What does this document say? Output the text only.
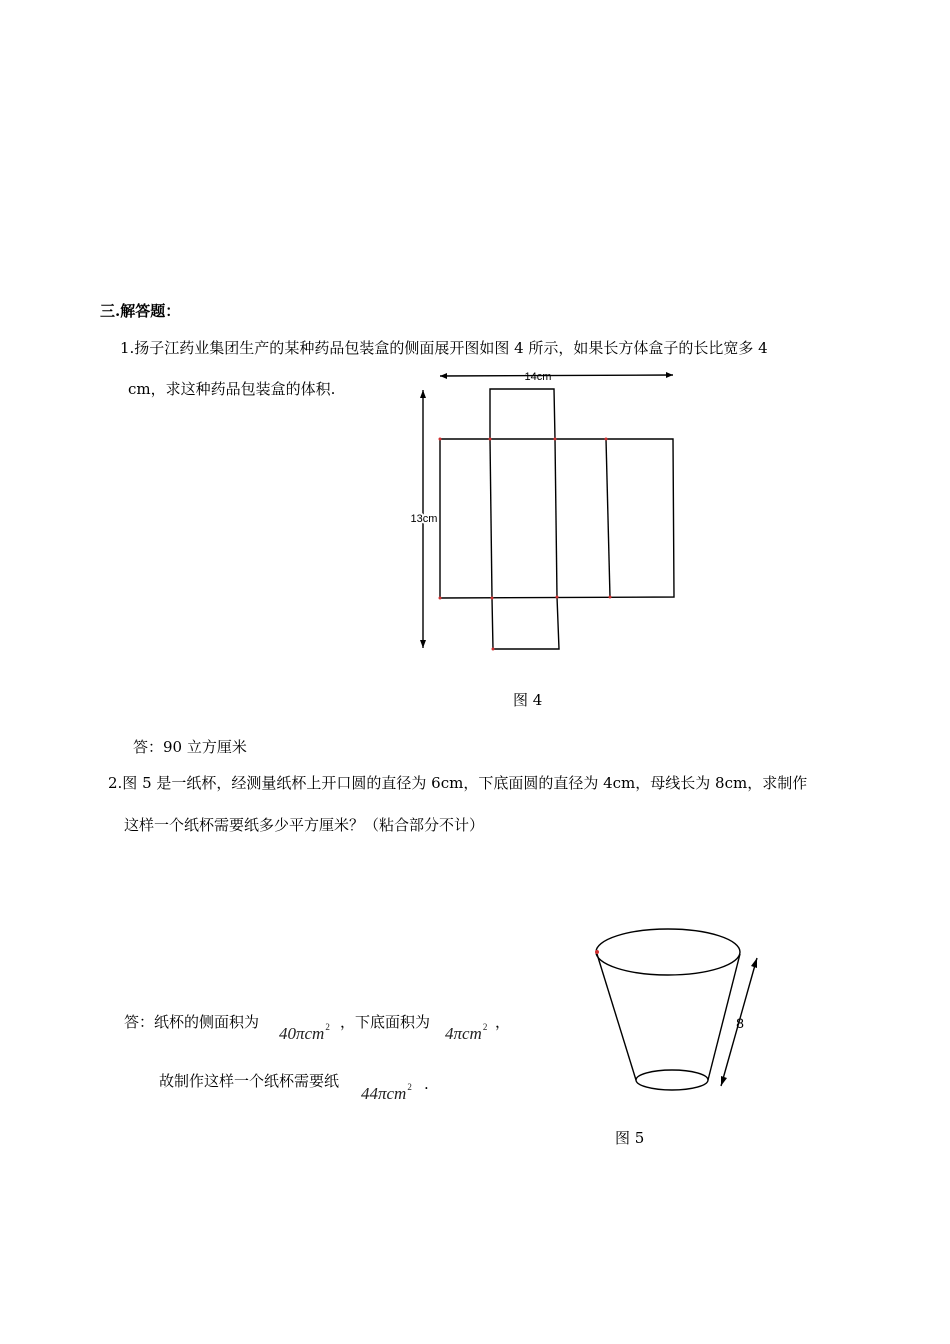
三.解答题：
1.扬子江药业集团生产的某种药品包装盒的侧面展开图如图 4 所示，如果长方体盒子的长比宽多 4
cm，求这种药品包装盒的体积.
14cm
13cm
8
图 4
答：90 立方厘米
2.图 5 是一纸杯，经测量纸杯上开口圆的直径为 6cm，下底面圆的直径为 4cm，母线长为 8cm，求制作
这样一个纸杯需要纸多少平方厘米？（粘合部分不计）
答：纸杯的侧面积为
40πcm$^2$ ，下底面积为
4πcm$^2$ ，
故制作这样一个纸杯需要纸
44πcm$^2$ .
图 5
